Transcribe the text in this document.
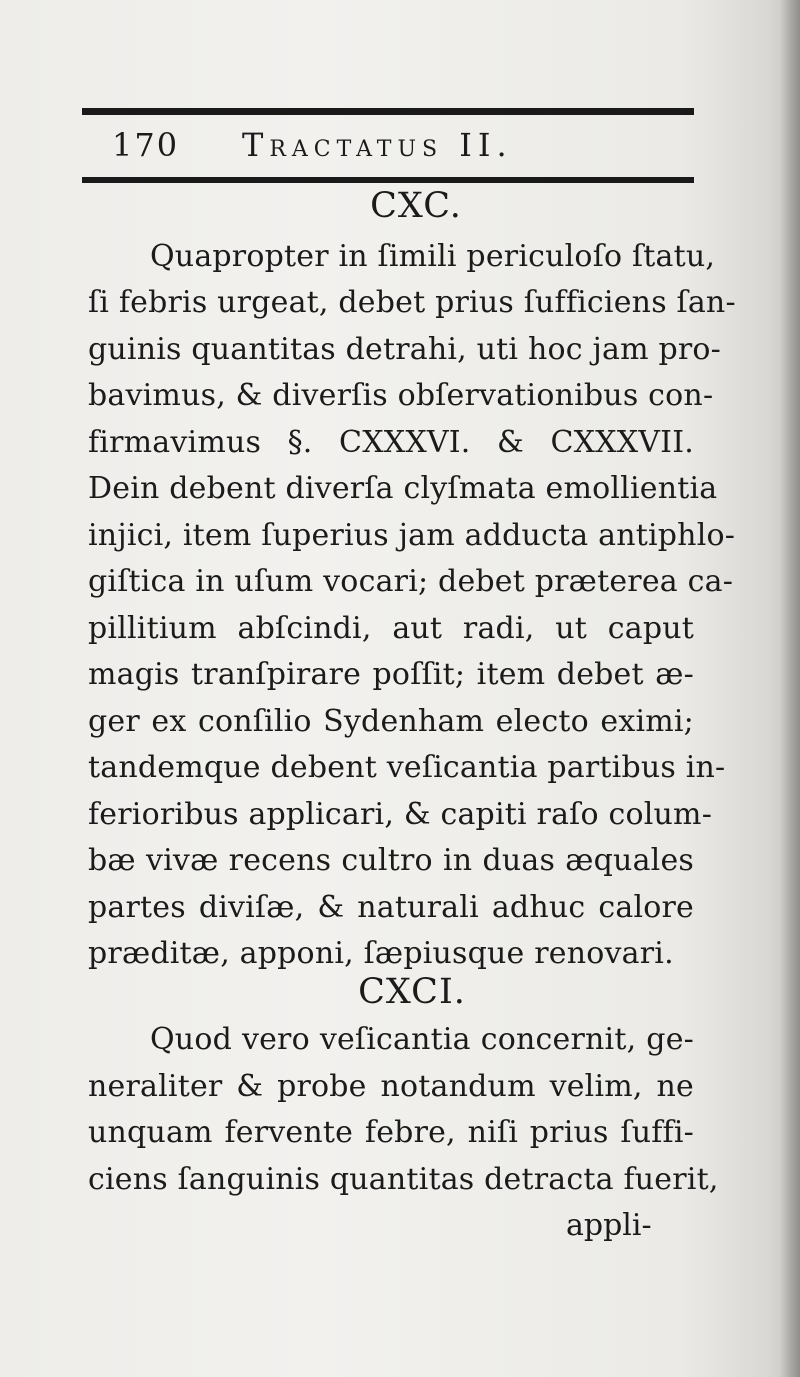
170 Tractatus II.
CXC.
Quapropter in ſimili periculoſo ſtatu,
ſi febris urgeat, debet prius ſufficiens ſan-
guinis quantitas detrahi, uti hoc jam pro-
bavimus, & diverſis obſervationibus con-
firmavimus §. CXXXVI. & CXXXVII.
Dein debent diverſa clyſmata emollientia
injici, item ſuperius jam adducta antiphlo-
giſtica in uſum vocari; debet præterea ca-
pillitium abſcindi, aut radi, ut caput
magis tranſpirare poſſit; item debet æ-
ger ex conſilio Sydenham electo eximi;
tandemque debent veſicantia partibus in-
ferioribus applicari, & capiti raſo colum-
bæ vivæ recens cultro in duas æquales
partes diviſæ, & naturali adhuc calore
præditæ, apponi, ſæpiusque renovari.
CXCI.
Quod vero veſicantia concernit, ge-
neraliter & probe notandum velim, ne
unquam fervente febre, niſi prius ſuffi-
ciens ſanguinis quantitas detracta fuerit,
appli-
